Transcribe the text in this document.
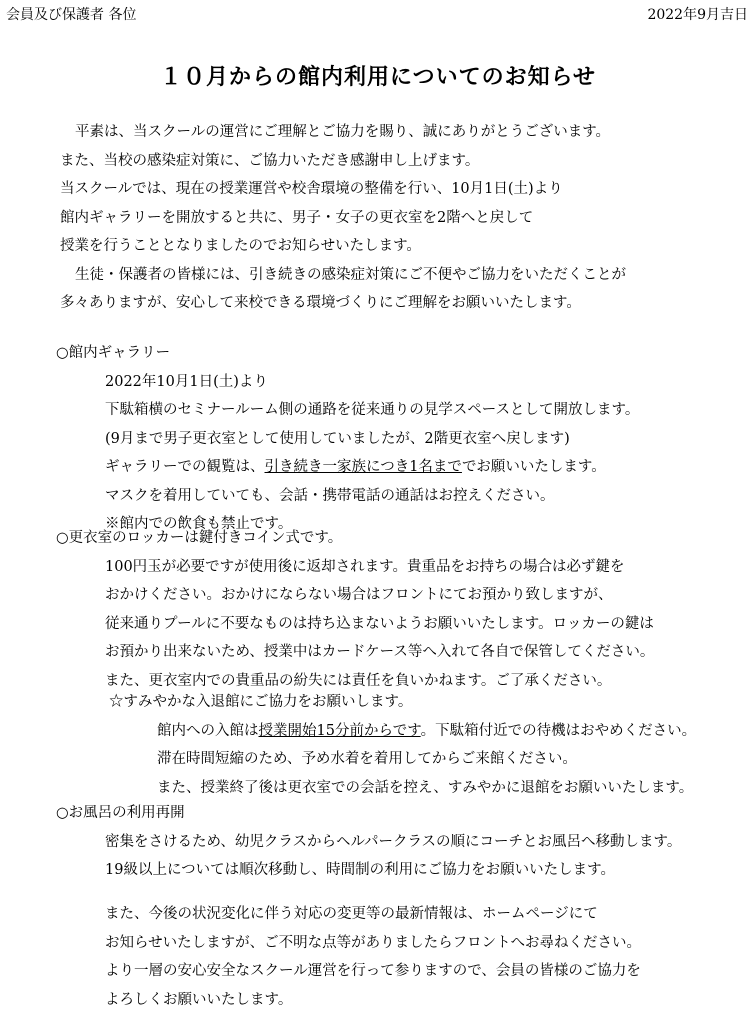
会員及び保護者 各位	2022年9月吉日
１０月からの館内利用についてのお知らせ
平素は、当スクールの運営にご理解とご協力を賜り、誠にありがとうございます。
また、当校の感染症対策に、ご協力いただき感謝申し上げます。
当スクールでは、現在の授業運営や校舎環境の整備を行い、10月1日(土)より
館内ギャラリーを開放すると共に、男子・女子の更衣室を2階へと戻して
授業を行うこととなりましたのでお知らせいたします。
生徒・保護者の皆様には、引き続きの感染症対策にご不便やご協力をいただくことが
多々ありますが、安心して来校できる環境づくりにご理解をお願いいたします。
○館内ギャラリー
2022年10月1日(土)より
下駄箱横のセミナールーム側の通路を従来通りの見学スペースとして開放します。
(9月まで男子更衣室として使用していましたが、2階更衣室へ戻します)
ギャラリーでの観覧は、引き続き一家族につき1名まででお願いいたします。
マスクを着用していても、会話・携帯電話の通話はお控えください。
※館内での飲食も禁止です。
○更衣室のロッカーは鍵付きコイン式です。
100円玉が必要ですが使用後に返却されます。貴重品をお持ちの場合は必ず鍵を
おかけください。おかけにならない場合はフロントにてお預かり致しますが、
従来通りプールに不要なものは持ち込まないようお願いいたします。ロッカーの鍵は
お預かり出来ないため、授業中はカードケース等へ入れて各自で保管してください。
また、更衣室内での貴重品の紛失には責任を負いかねます。ご了承ください。
☆すみやかな入退館にご協力をお願いします。
館内への入館は授業開始15分前からです。下駄箱付近での待機はおやめください。
滞在時間短縮のため、予め水着を着用してからご来館ください。
また、授業終了後は更衣室での会話を控え、すみやかに退館をお願いいたします。
○お風呂の利用再開
密集をさけるため、幼児クラスからヘルパークラスの順にコーチとお風呂へ移動します。
19級以上については順次移動し、時間制の利用にご協力をお願いいたします。
また、今後の状況変化に伴う対応の変更等の最新情報は、ホームページにて
お知らせいたしますが、ご不明な点等がありましたらフロントへお尋ねください。
より一層の安心安全なスクール運営を行って参りますので、会員の皆様のご協力を
よろしくお願いいたします。
